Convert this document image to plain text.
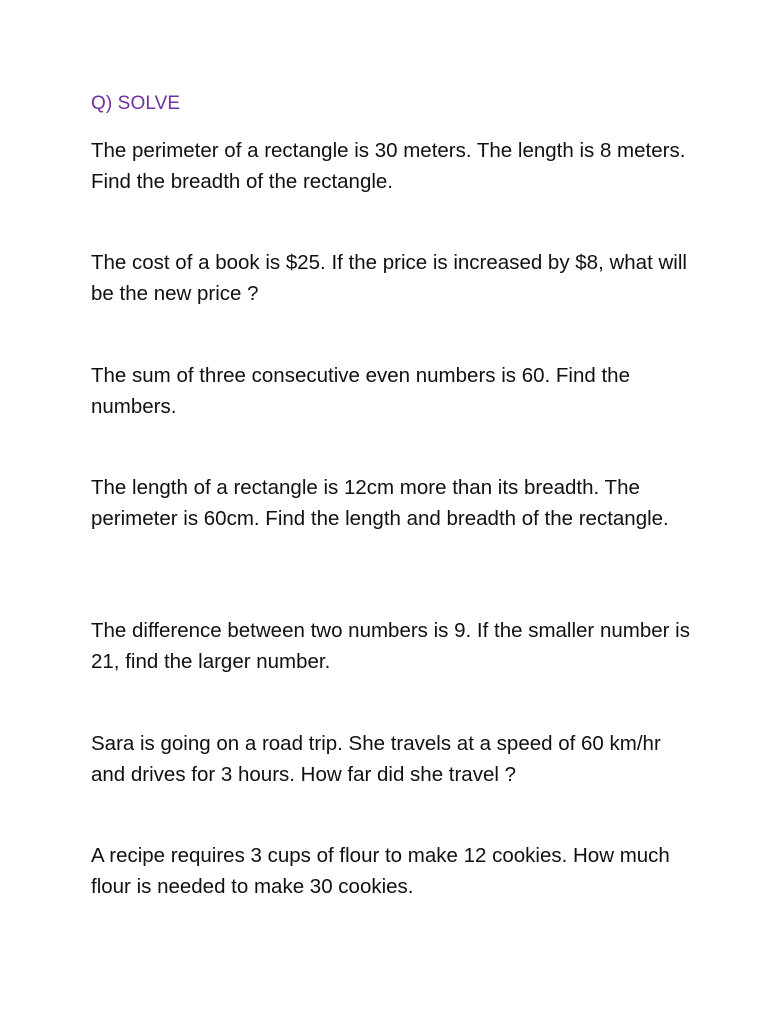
Q) SOLVE

The perimeter of a rectangle is 30 meters. The length is 8 meters. Find the breadth of the rectangle.

The cost of a book is $25. If the price is increased by $8, what will be the new price ?

The sum of three consecutive even numbers is 60. Find the numbers.

The length of a rectangle is 12cm more than its breadth. The perimeter is 60cm. Find the length and breadth of the rectangle.

The difference between two numbers is 9. If the smaller number is 21, find the larger number.

Sara is going on a road trip. She travels at a speed of 60 km/hr and drives for 3 hours. How far did she travel ?

A recipe requires 3 cups of flour to make 12 cookies. How much flour is needed to make 30 cookies.
